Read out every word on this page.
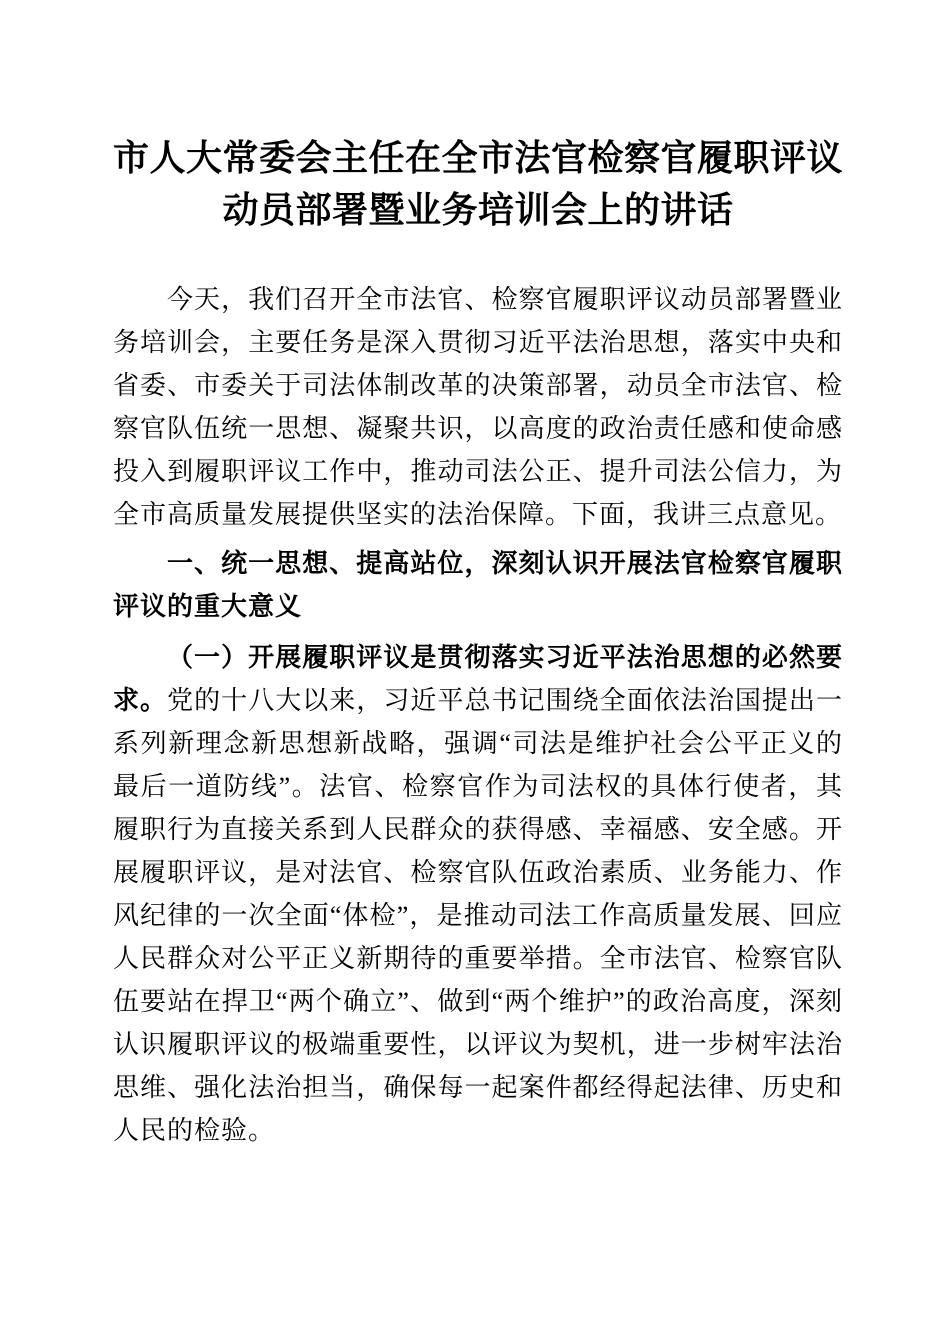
市人大常委会主任在全市法官检察官履职评议动员部署暨业务培训会上的讲话

今天，我们召开全市法官、检察官履职评议动员部署暨业务培训会，主要任务是深入贯彻习近平法治思想，落实中央和省委、市委关于司法体制改革的决策部署，动员全市法官、检察官队伍统一思想、凝聚共识，以高度的政治责任感和使命感投入到履职评议工作中，推动司法公正、提升司法公信力，为全市高质量发展提供坚实的法治保障。下面，我讲三点意见。

一、统一思想、提高站位，深刻认识开展法官检察官履职评议的重大意义

（一）开展履职评议是贯彻落实习近平法治思想的必然要求。党的十八大以来，习近平总书记围绕全面依法治国提出一系列新理念新思想新战略，强调“司法是维护社会公平正义的最后一道防线”。法官、检察官作为司法权的具体行使者，其履职行为直接关系到人民群众的获得感、幸福感、安全感。开展履职评议，是对法官、检察官队伍政治素质、业务能力、作风纪律的一次全面“体检”，是推动司法工作高质量发展、回应人民群众对公平正义新期待的重要举措。全市法官、检察官队伍要站在捍卫“两个确立”、做到“两个维护”的政治高度，深刻认识履职评议的极端重要性，以评议为契机，进一步树牢法治思维、强化法治担当，确保每一起案件都经得起法律、历史和人民的检验。
